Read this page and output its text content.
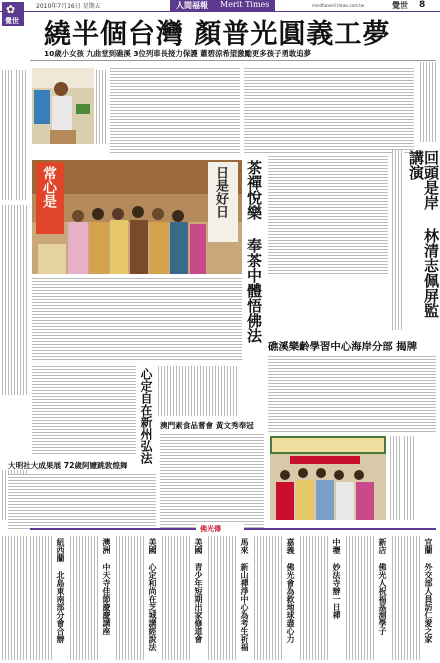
2010年7月16日 星期五	人間福報 Merit Times	mindfunenli.times.com.tw	覺世 8
✿
覺世 繞半個台灣 顏普光圓義工夢
10歲小女孩 九曲堂到礁溪 3位列車長接力保護 蕭碧涼希望激勵更多孩子勇敢追夢
常心是	日是好日 茶禪悅樂 奉茶中體悟佛法	回頭是岸 林清志佩屏監講演
礁溪樂齡學習中心海岸分部 揭牌
心定自在新州弘法 澳門素食品嘗會 黃文秀奉冠
大明社大成果展 72歲阿嬤跳敦煌舞
佛光傳
宜蘭 外交部人員訪仁愛之家
新店 佛光人祝福基測學子
中壢 妙法寺辦一日禪
嘉義 佛光會為救地球盡心力
馬來 新山禪淨中心為考生祈福
美國 青少年短期出家修道會
美國 心定和尚在芝城講經說法
澳洲 中天寺佳節慶慶講座
紐西蘭 北島東南部分會合辦
